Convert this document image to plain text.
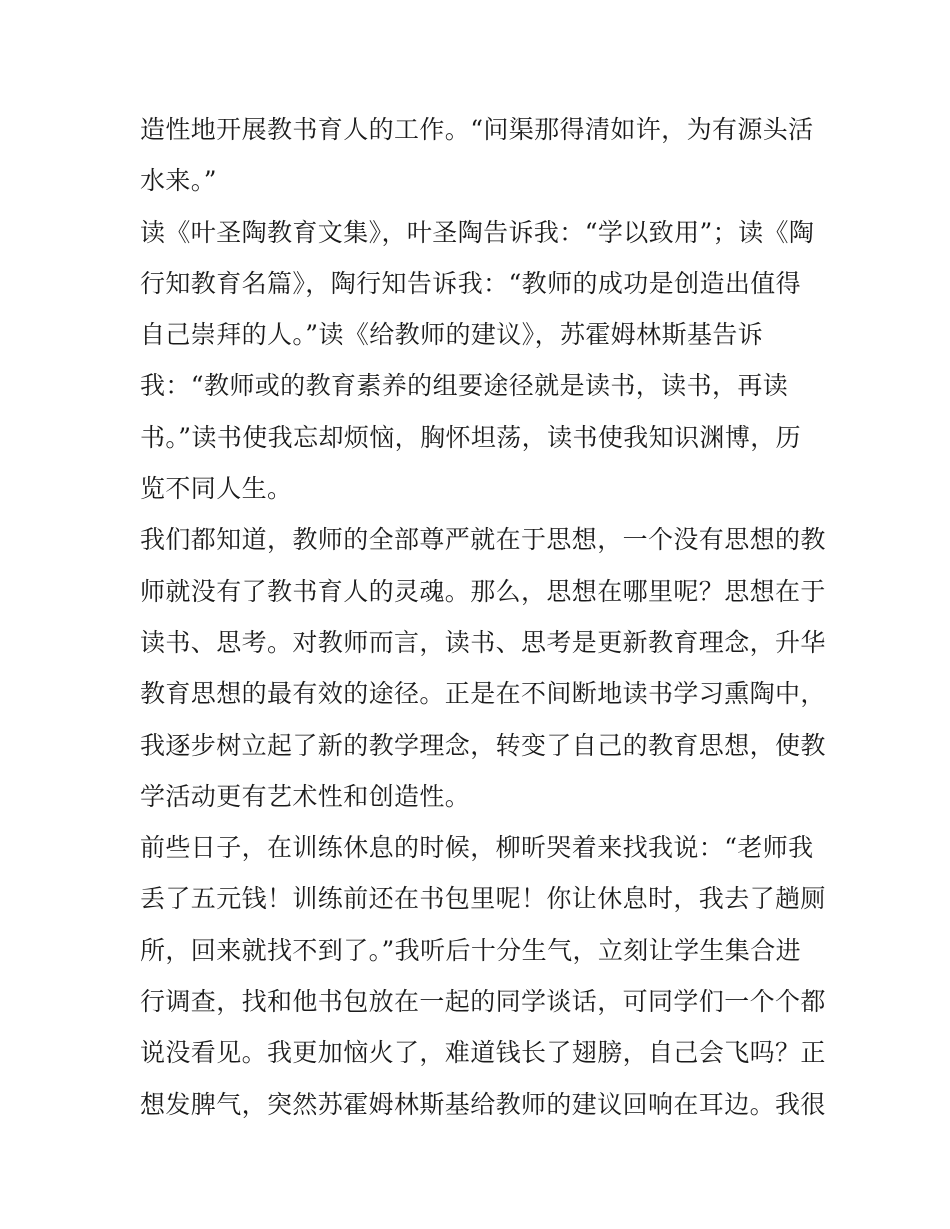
造性地开展教书育人的工作。“问渠那得清如许，为有源头活
水来。”
读《叶圣陶教育文集》，叶圣陶告诉我：“学以致用”；读《陶
行知教育名篇》，陶行知告诉我：“教师的成功是创造出值得
自己崇拜的人。”读《给教师的建议》，苏霍姆林斯基告诉
我：“教师或的教育素养的组要途径就是读书，读书，再读
书。”读书使我忘却烦恼，胸怀坦荡，读书使我知识渊博，历
览不同人生。
我们都知道，教师的全部尊严就在于思想，一个没有思想的教
师就没有了教书育人的灵魂。那么，思想在哪里呢？思想在于
读书、思考。对教师而言，读书、思考是更新教育理念，升华
教育思想的最有效的途径。正是在不间断地读书学习熏陶中，
我逐步树立起了新的教学理念，转变了自己的教育思想，使教
学活动更有艺术性和创造性。
前些日子，在训练休息的时候，柳昕哭着来找我说：“老师我
丢了五元钱！训练前还在书包里呢！你让休息时，我去了趟厕
所，回来就找不到了。”我听后十分生气，立刻让学生集合进
行调查，找和他书包放在一起的同学谈话，可同学们一个个都
说没看见。我更加恼火了，难道钱长了翅膀，自己会飞吗？正
想发脾气，突然苏霍姆林斯基给教师的建议回响在耳边。我很
